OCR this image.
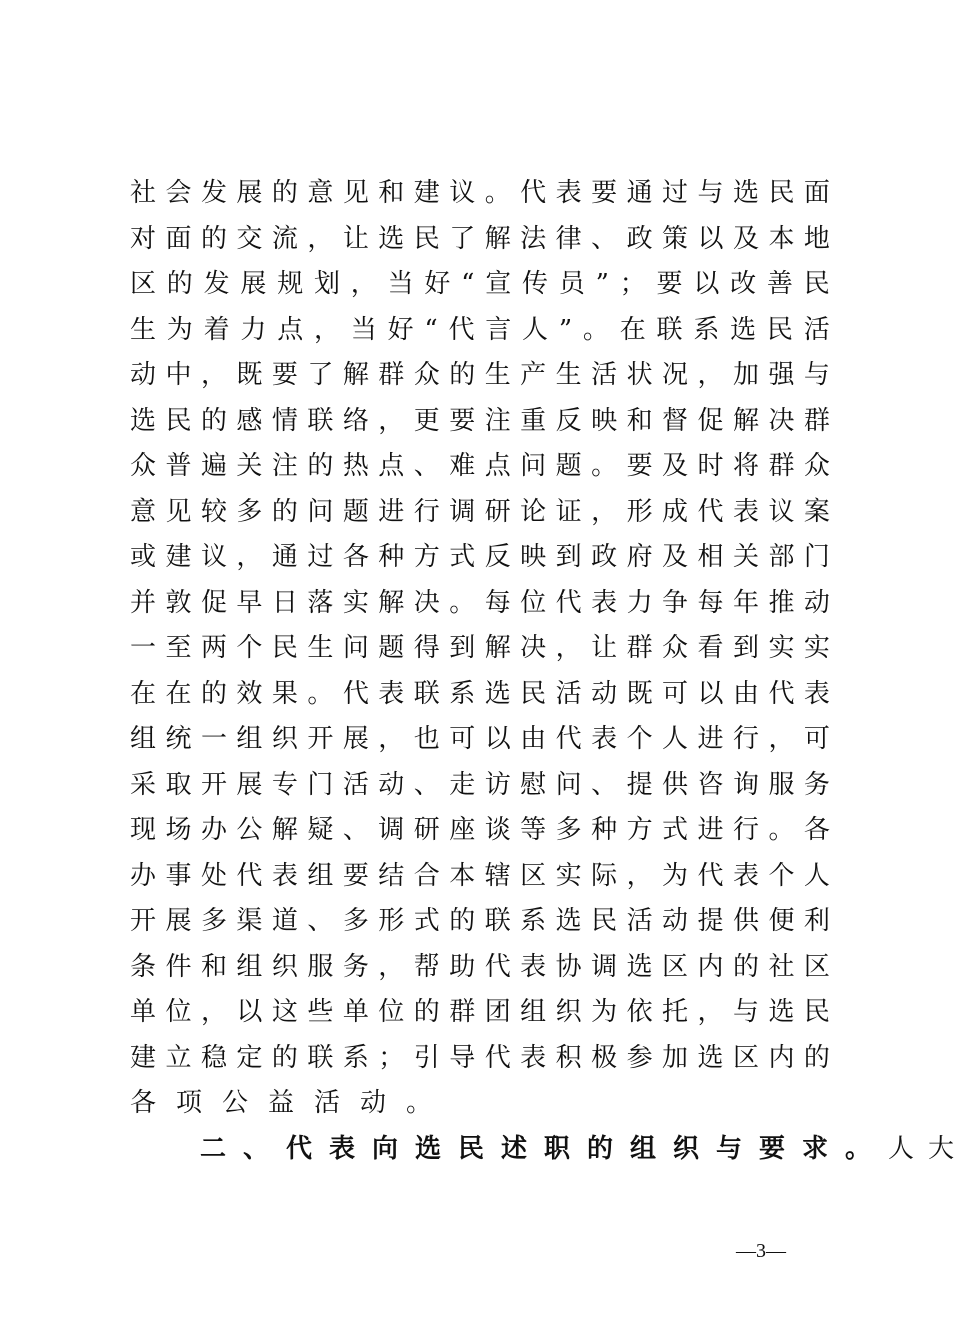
社 会 发 展 的 意 见 和 建 议 。 代 表 要 通 过 与 选 民 面
对 面 的 交 流 ， 让 选 民 了 解 法 律 、 政 策 以 及 本 地
区 的 发 展 规 划 ， 当 好 “ 宣 传 员 ” ； 要 以 改 善 民
生 为 着 力 点 ， 当 好 “ 代 言 人 ” 。 在 联 系 选 民 活
动 中 ， 既 要 了 解 群 众 的 生 产 生 活 状 况 ， 加 强 与
选 民 的 感 情 联 络 ， 更 要 注 重 反 映 和 督 促 解 决 群
众 普 遍 关 注 的 热 点 、 难 点 问 题 。 要 及 时 将 群 众
意 见 较 多 的 问 题 进 行 调 研 论 证 ， 形 成 代 表 议 案
或 建 议 ， 通 过 各 种 方 式 反 映 到 政 府 及 相 关 部 门
并 敦 促 早 日 落 实 解 决 。 每 位 代 表 力 争 每 年 推 动
一 至 两 个 民 生 问 题 得 到 解 决 ， 让 群 众 看 到 实 实
在 在 的 效 果 。 代 表 联 系 选 民 活 动 既 可 以 由 代 表
组 统 一 组 织 开 展 ， 也 可 以 由 代 表 个 人 进 行 ， 可
采 取 开 展 专 门 活 动 、 走 访 慰 问 、 提 供 咨 询 服 务
现 场 办 公 解 疑 、 调 研 座 谈 等 多 种 方 式 进 行 。 各
办 事 处 代 表 组 要 结 合 本 辖 区 实 际 ， 为 代 表 个 人
开 展 多 渠 道 、 多 形 式 的 联 系 选 民 活 动 提 供 便 利
条 件 和 组 织 服 务 ， 帮 助 代 表 协 调 选 区 内 的 社 区
单 位 ， 以 这 些 单 位 的 群 团 组 织 为 依 托 ， 与 选 民
建 立 稳 定 的 联 系 ； 引 导 代 表 积 极 参 加 选 区 内 的
各项公益活动。
二、代表向选民述职的组织与要求。 人大
—3—
